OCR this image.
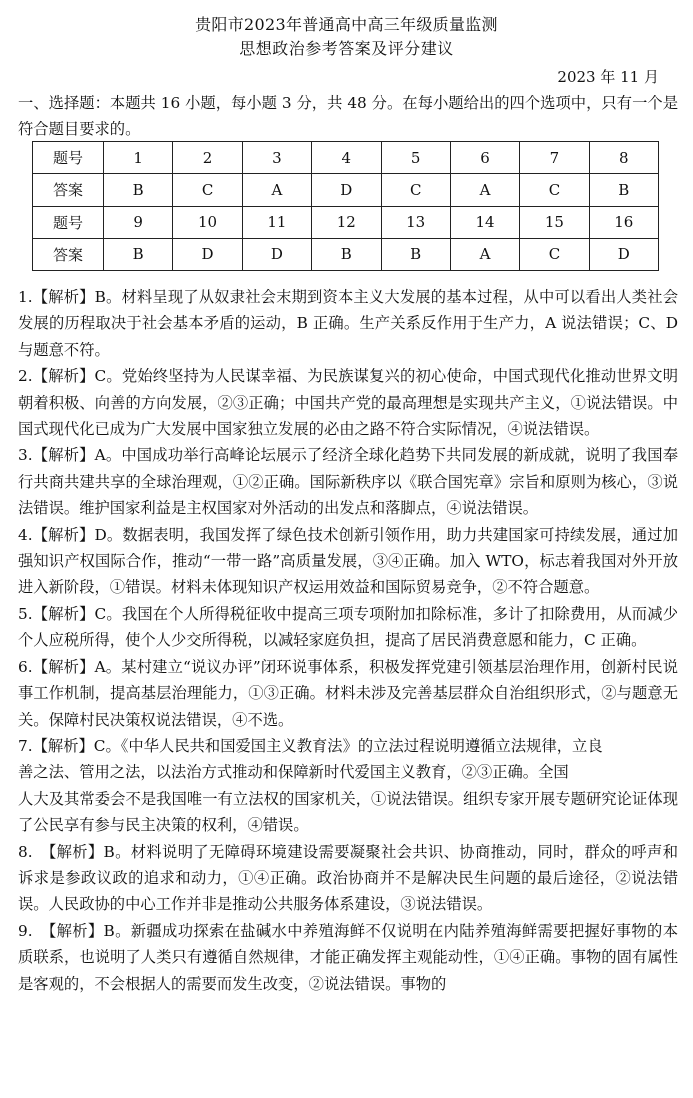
贵阳市2023年普通高中高三年级质量监测
思想政治参考答案及评分建议
2023 年 11 月
一、选择题：本题共 16 小题，每小题 3 分，共 48 分。在每小题给出的四个选项中，只有一个是符合题目要求的。
题号	1	2	3	4	5	6	7	8
答案	B	C	A	D	C	A	C	B
题号	9	10	11	12	13	14	15	16
答案	B	D	D	B	B	A	C	D

1.【解析】B。材料呈现了从奴隶社会末期到资本主义大发展的基本过程，从中可以看出人类社会发展的历程取决于社会基本矛盾的运动，B 正确。生产关系反作用于生产力，A 说法错误；C、D 与题意不符。

2.【解析】C。党始终坚持为人民谋幸福、为民族谋复兴的初心使命，中国式现代化推动世界文明朝着积极、向善的方向发展，②③正确；中国共产党的最高理想是实现共产主义，①说法错误。中国式现代化已成为广大发展中国家独立发展的必由之路不符合实际情况，④说法错误。

3.【解析】A。中国成功举行高峰论坛展示了经济全球化趋势下共同发展的新成就，说明了我国奉行共商共建共享的全球治理观，①②正确。国际新秩序以《联合国宪章》宗旨和原则为核心，③说法错误。维护国家利益是主权国家对外活动的出发点和落脚点，④说法错误。

4.【解析】D。数据表明，我国发挥了绿色技术创新引领作用，助力共建国家可持续发展，通过加强知识产权国际合作，推动“一带一路”高质量发展，③④正确。加入 WTO，标志着我国对外开放进入新阶段，①错误。材料未体现知识产权运用效益和国际贸易竞争，②不符合题意。

5.【解析】C。我国在个人所得税征收中提高三项专项附加扣除标准，多计了扣除费用，从而减少个人应税所得，使个人少交所得税，以减轻家庭负担，提高了居民消费意愿和能力，C 正确。

6.【解析】A。某村建立“说议办评”闭环说事体系，积极发挥党建引领基层治理作用，创新村民说事工作机制，提高基层治理能力，①③正确。材料未涉及完善基层群众自治组织形式，②与题意无关。保障村民决策权说法错误，④不选。

7.【解析】C。《中华人民共和国爱国主义教育法》的立法过程说明遵循立法规律，立良

善之法、管用之法，以法治方式推动和保障新时代爱国主义教育，②③正确。全国

人大及其常委会不是我国唯一有立法权的国家机关，①说法错误。组织专家开展专题研究论证体现了公民享有参与民主决策的权利，④错误。

8.　【解析】B。材料说明了无障碍环境建设需要凝聚社会共识、协商推动，同时，群众的呼声和诉求是参政议政的追求和动力，①④正确。政治协商并不是解决民生问题的最后途径，②说法错误。人民政协的中心工作并非是推动公共服务体系建设，③说法错误。

9.　【解析】B。新疆成功探索在盐碱水中养殖海鲜不仅说明在内陆养殖海鲜需要把握好事物的本质联系，也说明了人类只有遵循自然规律，才能正确发挥主观能动性，①④正确。事物的固有属性是客观的，不会根据人的需要而发生改变，②说法错误。事物的
